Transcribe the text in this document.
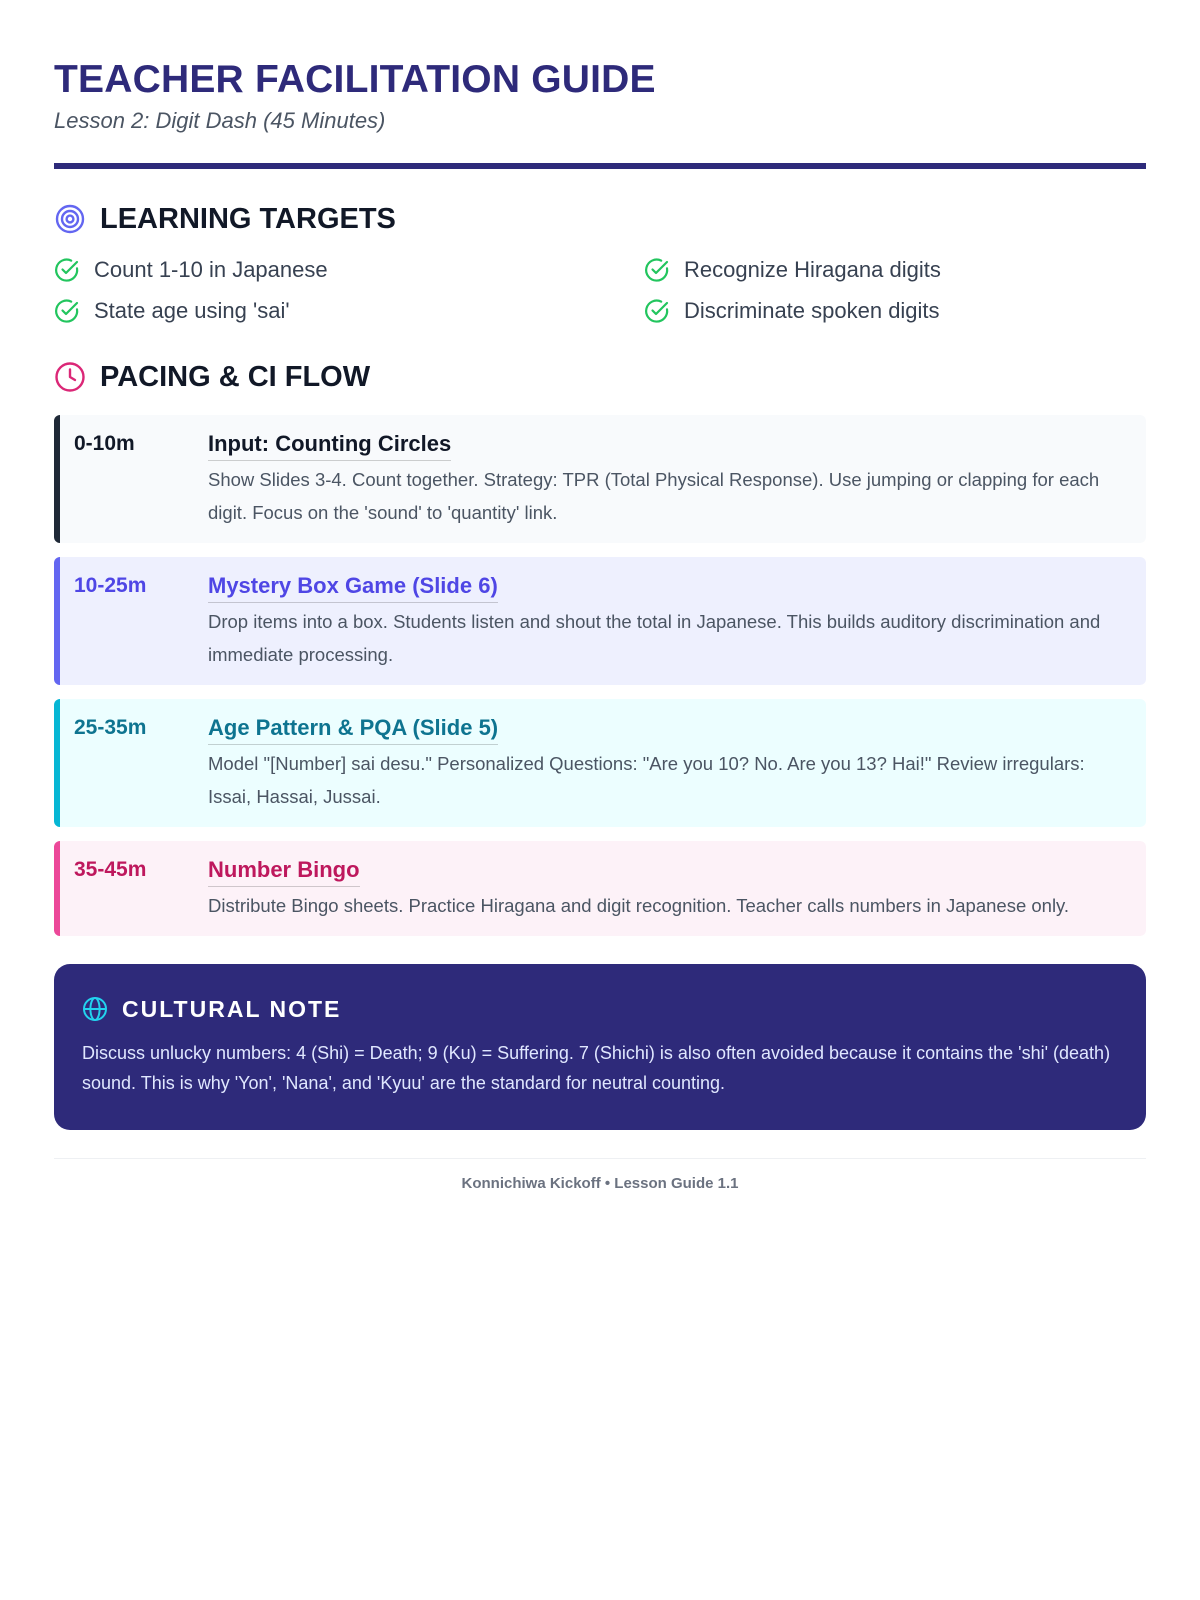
TEACHER FACILITATION GUIDE
Lesson 2: Digit Dash (45 Minutes)
LEARNING TARGETS
Count 1-10 in Japanese	Recognize Hiragana digits
State age using 'sai'	Discriminate spoken digits
PACING & CI FLOW
0-10m	Input: Counting Circles
Show Slides 3-4. Count together. Strategy: TPR (Total Physical Response). Use jumping or clapping for each digit. Focus on the 'sound' to 'quantity' link.
10-25m	Mystery Box Game (Slide 6)
Drop items into a box. Students listen and shout the total in Japanese. This builds auditory discrimination and immediate processing.
25-35m	Age Pattern & PQA (Slide 5)
Model "[Number] sai desu." Personalized Questions: "Are you 10? No. Are you 13? Hai!" Review irregulars: Issai, Hassai, Jussai.
35-45m	Number Bingo
Distribute Bingo sheets. Practice Hiragana and digit recognition. Teacher calls numbers in Japanese only.
CULTURAL NOTE
Discuss unlucky numbers: 4 (Shi) = Death; 9 (Ku) = Suffering. 7 (Shichi) is also often avoided because it contains the 'shi' (death) sound. This is why 'Yon', 'Nana', and 'Kyuu' are the standard for neutral counting.
Konnichiwa Kickoff • Lesson Guide 1.1
